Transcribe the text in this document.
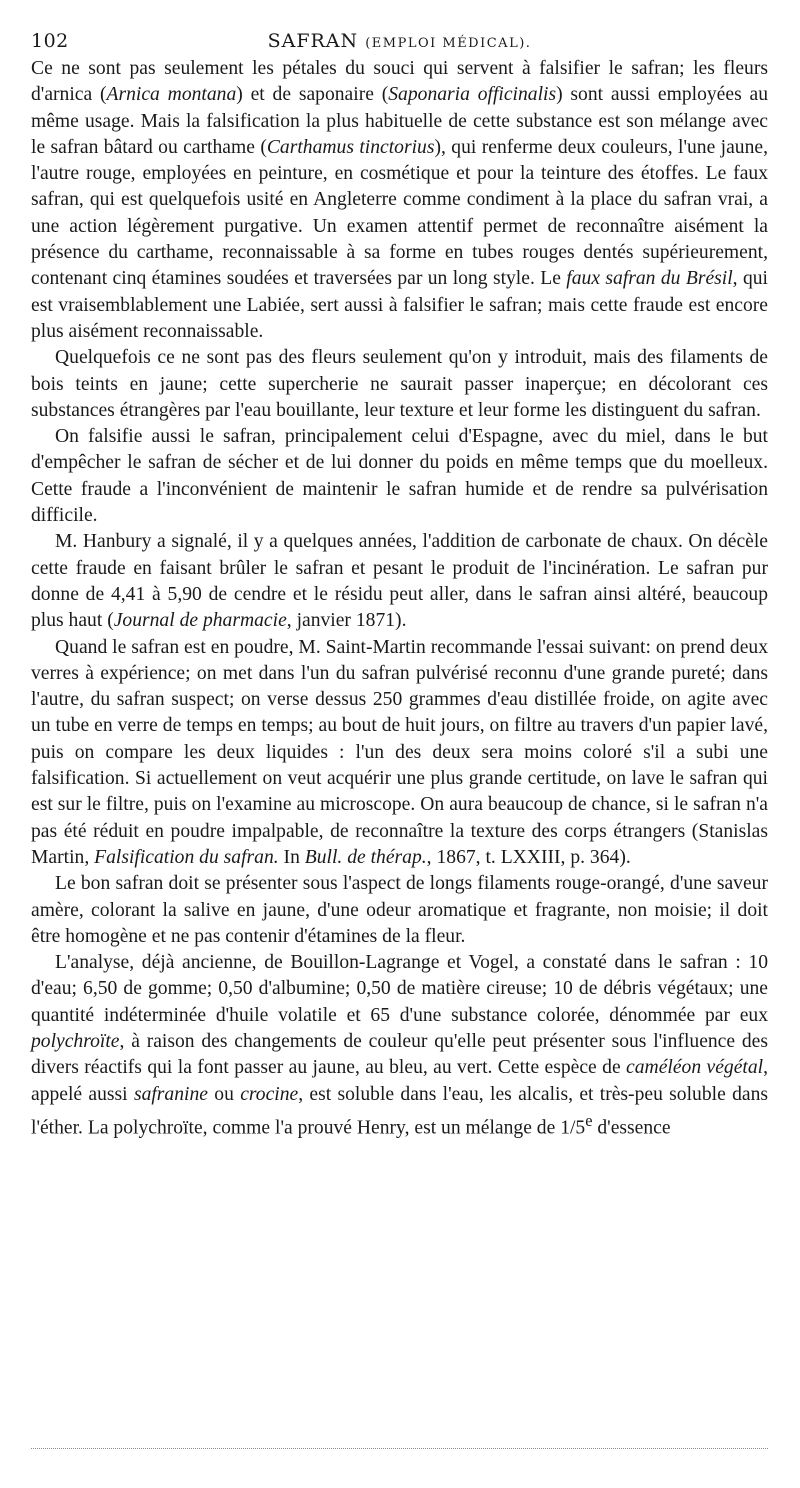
102	SAFRAN (EMPLOI MÉDICAL).

Ce ne sont pas seulement les pétales du souci qui servent à falsifier le safran; les fleurs d'arnica (Arnica montana) et de saponaire (Saponaria officinalis) sont aussi employées au même usage. Mais la falsification la plus habituelle de cette substance est son mélange avec le safran bâtard ou carthame (Carthamus tinctorius), qui renferme deux couleurs, l'une jaune, l'autre rouge, employées en peinture, en cosmétique et pour la teinture des étoffes. Le faux safran, qui est quelquefois usité en Angleterre comme condiment à la place du safran vrai, a une action légèrement purgative. Un examen attentif permet de reconnaître aisément la présence du carthame, reconnaissable à sa forme en tubes rouges dentés supérieurement, contenant cinq étamines soudées et traversées par un long style. Le faux safran du Brésil, qui est vraisemblablement une Labiée, sert aussi à falsifier le safran; mais cette fraude est encore plus aisément reconnaissable.

Quelquefois ce ne sont pas des fleurs seulement qu'on y introduit, mais des filaments de bois teints en jaune; cette supercherie ne saurait passer inaperçue; en décolorant ces substances étrangères par l'eau bouillante, leur texture et leur forme les distinguent du safran.

On falsifie aussi le safran, principalement celui d'Espagne, avec du miel, dans le but d'empêcher le safran de sécher et de lui donner du poids en même temps que du moelleux. Cette fraude a l'inconvénient de maintenir le safran humide et de rendre sa pulvérisation difficile.

M. Hanbury a signalé, il y a quelques années, l'addition de carbonate de chaux. On décèle cette fraude en faisant brûler le safran et pesant le produit de l'incinération. Le safran pur donne de 4,41 à 5,90 de cendre et le résidu peut aller, dans le safran ainsi altéré, beaucoup plus haut (Journal de pharmacie, janvier 1871).

Quand le safran est en poudre, M. Saint-Martin recommande l'essai suivant: on prend deux verres à expérience; on met dans l'un du safran pulvérisé reconnu d'une grande pureté; dans l'autre, du safran suspect; on verse dessus 250 grammes d'eau distillée froide, on agite avec un tube en verre de temps en temps; au bout de huit jours, on filtre au travers d'un papier lavé, puis on compare les deux liquides : l'un des deux sera moins coloré s'il a subi une falsification. Si actuellement on veut acquérir une plus grande certitude, on lave le safran qui est sur le filtre, puis on l'examine au microscope. On aura beaucoup de chance, si le safran n'a pas été réduit en poudre impalpable, de reconnaître la texture des corps étrangers (Stanislas Martin, Falsification du safran. In Bull. de thérap., 1867, t. LXXIII, p. 364).

Le bon safran doit se présenter sous l'aspect de longs filaments rouge-orangé, d'une saveur amère, colorant la salive en jaune, d'une odeur aromatique et fragrante, non moisie; il doit être homogène et ne pas contenir d'étamines de la fleur.

L'analyse, déjà ancienne, de Bouillon-Lagrange et Vogel, a constaté dans le safran : 10 d'eau; 6,50 de gomme; 0,50 d'albumine; 0,50 de matière cireuse; 10 de débris végétaux; une quantité indéterminée d'huile volatile et 65 d'une substance colorée, dénommée par eux polychroïte, à raison des changements de couleur qu'elle peut présenter sous l'influence des divers réactifs qui la font passer au jaune, au bleu, au vert. Cette espèce de caméléon végétal, appelé aussi safranine ou crocine, est soluble dans l'eau, les alcalis, et très-peu soluble dans l'éther. La polychroïte, comme l'a prouvé Henry, est un mélange de 1/5e d'essence
